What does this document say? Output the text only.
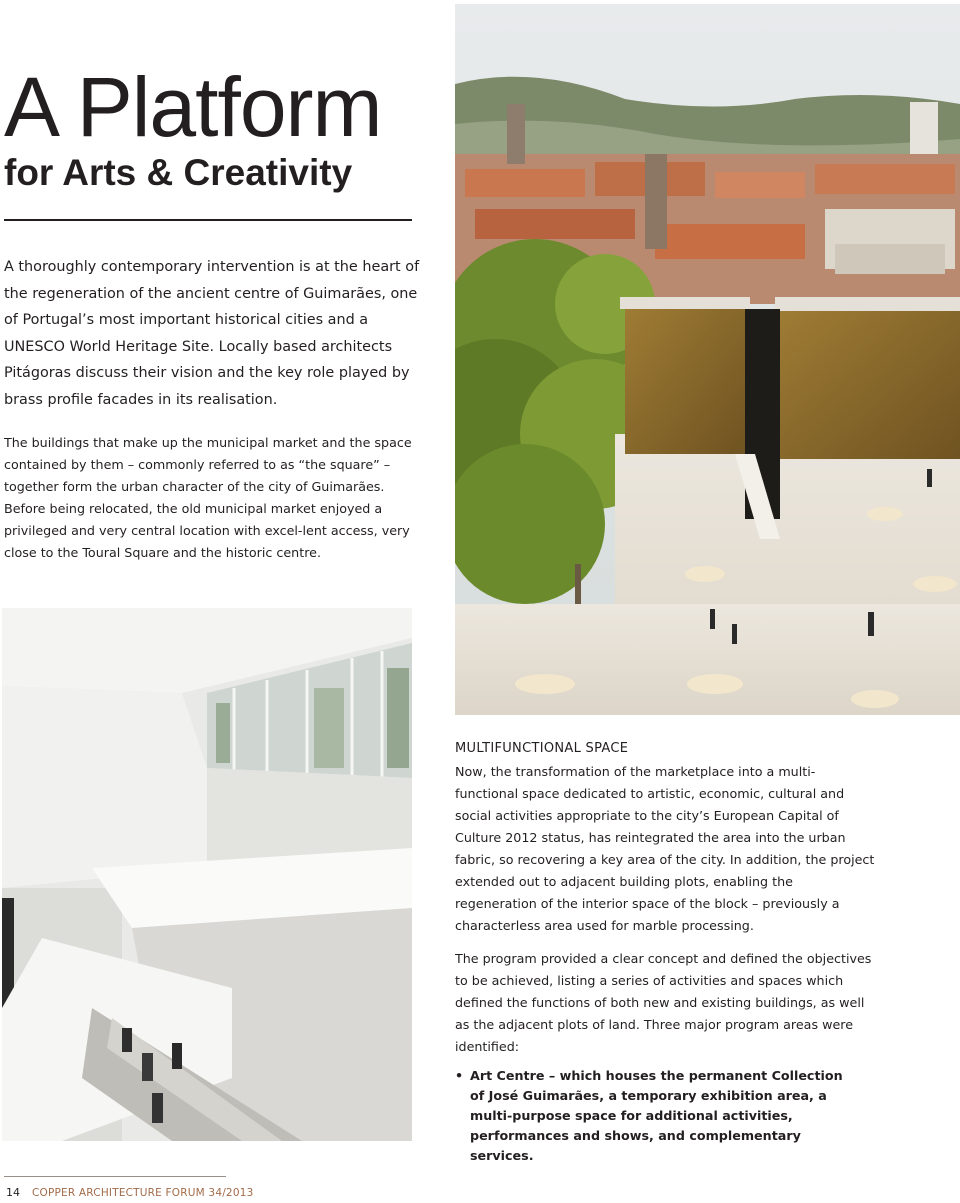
A Platform
for Arts & Creativity

A thoroughly contemporary intervention is at the heart of the regeneration of the ancient centre of Guimarães, one of Portugal’s most important historical cities and a UNESCO World Heritage Site. Locally based architects Pitágoras discuss their vision and the key role played by brass profile facades in its realisation.

The buildings that make up the municipal market and the space contained by them – commonly referred to as “the square” – together form the urban character of the city of Guimarães. Before being relocated, the old municipal market enjoyed a privileged and very central location with excel-lent access, very close to the Toural Square and the historic centre.

MULTIFUNCTIONAL SPACE

Now, the transformation of the marketplace into a multi-functional space dedicated to artistic, economic, cultural and social activities appropriate to the city’s European Capital of Culture 2012 status, has reintegrated the area into the urban fabric, so recovering a key area of the city. In addition, the project extended out to adjacent building plots, enabling the regeneration of the interior space of the block – previously a characterless area used for marble processing.

The program provided a clear concept and defined the objectives to be achieved, listing a series of activities and spaces which defined the functions of both new and existing buildings, as well as the adjacent plots of land. Three major program areas were identified:

• Art Centre – which houses the permanent Collection of José Guimarães, a temporary exhibition area, a multi-purpose space for additional activities, performances and shows, and complementary services.
14 COPPER ARCHITECTURE FORUM 34/2013
